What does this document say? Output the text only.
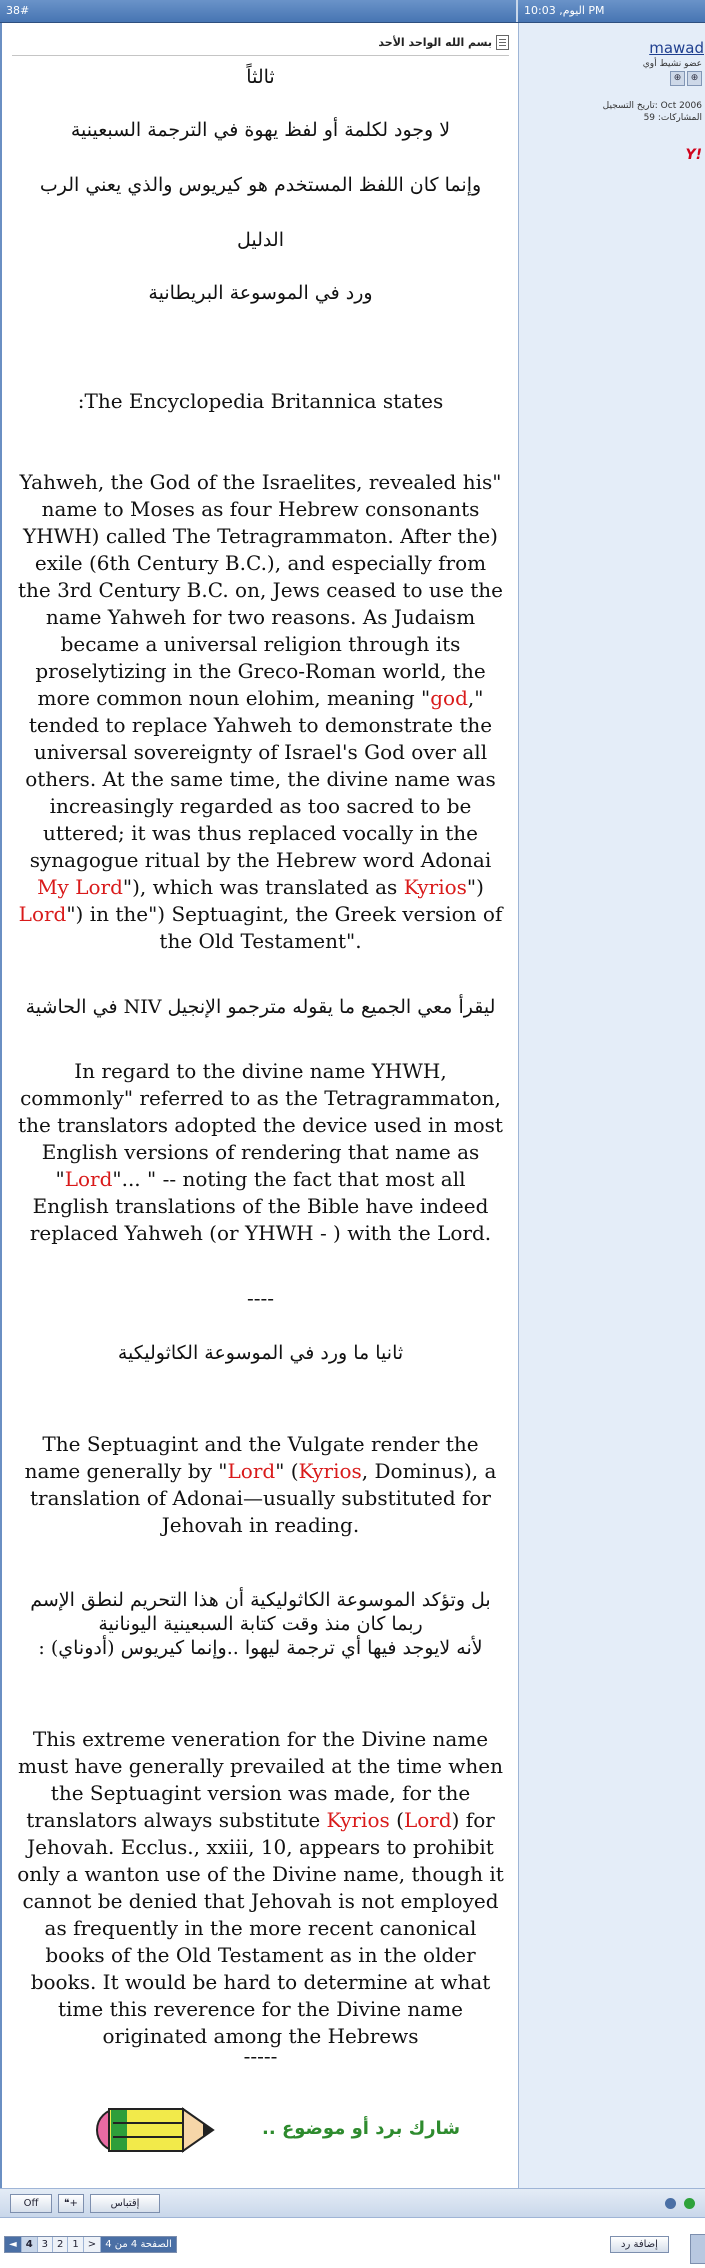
38#	اليوم, 10:03 PM
بسم الله الواحد الأحد

ثالثاً

لا وجود لكلمة أو لفظ يهوة في الترجمة السبعينية

وإنما كان اللفظ المستخدم هو كيريوس والذي يعني الرب

الدليل

ورد في الموسوعة البريطانية

:The Encyclopedia Britannica states

Yahweh, the God of the Israelites, revealed his" name to Moses as four Hebrew consonants YHWH) called The Tetragrammaton. After the) exile (6th Century B.C.), and especially from the 3rd Century B.C. on, Jews ceased to use the name Yahweh for two reasons. As Judaism became a universal religion through its proselytizing in the Greco-Roman world, the more common noun elohim, meaning "god," tended to replace Yahweh to demonstrate the universal sovereignty of Israel's God over all others. At the same time, the divine name was increasingly regarded as too sacred to be uttered; it was thus replaced vocally in the synagogue ritual by the Hebrew word Adonai My Lord"), which was translated as Kyrios") Lord") in the") Septuagint, the Greek version of the Old Testament".

ليقرأ معي الجميع ما يقوله مترجمو الإنجيل NIV في الحاشية

In regard to the divine name YHWH, commonly" referred to as the Tetragrammaton, the translators adopted the device used in most English versions of rendering that name as "Lord"... " -- noting the fact that most all English translations of the Bible have indeed replaced Yahweh (or YHWH - ) with the Lord.

----

ثانيا ما ورد في الموسوعة الكاثوليكية

The Septuagint and the Vulgate render the name generally by "Lord" (Kyrios, Dominus), a translation of Adonai—usually substituted for Jehovah in reading.

بل وتؤكد الموسوعة الكاثوليكية أن هذا التحريم لنطق الإسم ربما كان منذ وقت كتابة السبعينية اليونانية

لأنه لايوجد فيها أي ترجمة ليهوا ..وإنما كيريوس (أدوناي) :

This extreme veneration for the Divine name must have generally prevailed at the time when the Septuagint version was made, for the translators always substitute Kyrios (Lord) for Jehovah. Ecclus., xxiii, 10, appears to prohibit only a wanton use of the Divine name, though it cannot be denied that Jehovah is not employed as frequently in the more recent canonical books of the Old Testament as in the older books. It would be hard to determine at what time this reverence for the Divine name originated among the Hebrews

-----

شارك برد أو موضوع ..
mawad
عضو نشيط أوي
⊕	⊕
تاريخ التسجيل: Oct 2006
المشاركات: 59
Y!
Off	❝+	إقتباس
◄ 4 3 2 1 > الصفحة 4 من 4	إضافة رد
